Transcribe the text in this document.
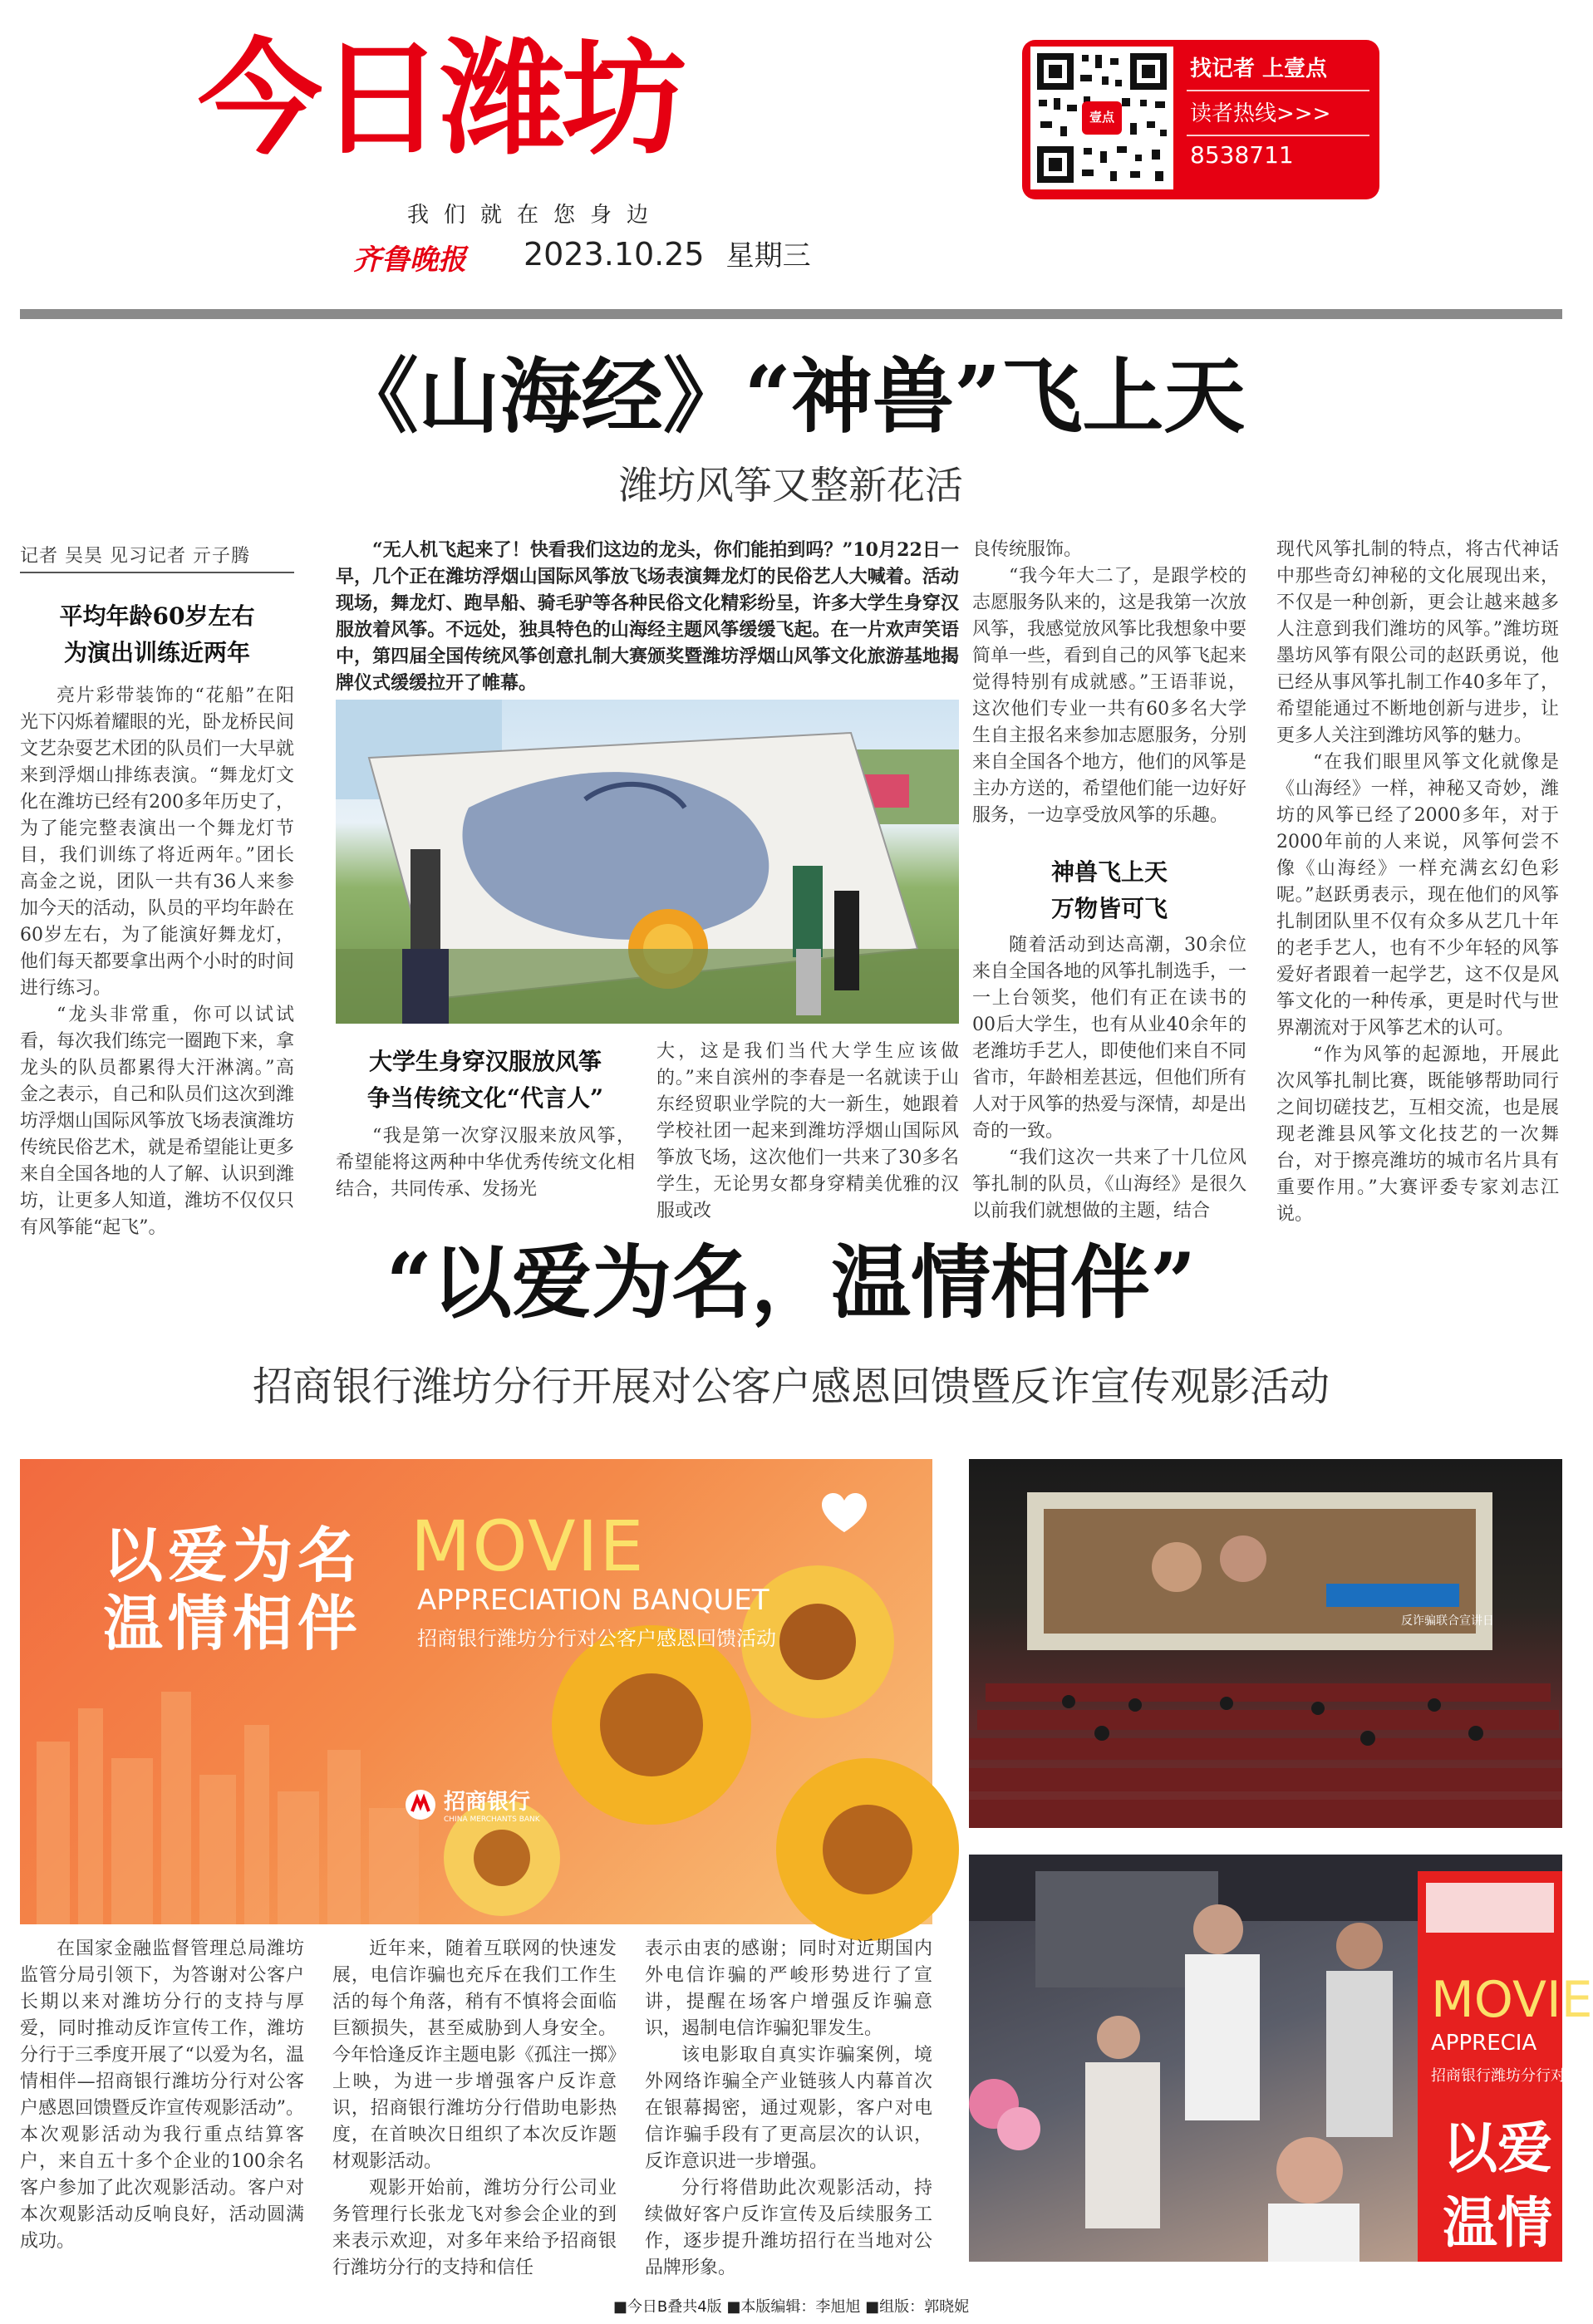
今日潍坊
我们就在您身边
齐鲁晚报 2023.10.25 星期三
壹点
找记者 上壹点
读者热线>>>
8538711
《山海经》“神兽”飞上天
潍坊风筝又整新花活
记者 吴昊 见习记者 亓子腾
平均年龄60岁左右
为演出训练近两年

亮片彩带装饰的“花船”在阳光下闪烁着耀眼的光，卧龙桥民间文艺杂耍艺术团的队员们一大早就来到浮烟山排练表演。“舞龙灯文化在潍坊已经有200多年历史了，为了能完整表演出一个舞龙灯节目，我们训练了将近两年。”团长高金之说，团队一共有36人来参加今天的活动，队员的平均年龄在60岁左右，为了能演好舞龙灯，他们每天都要拿出两个小时的时间进行练习。

“龙头非常重，你可以试试看，每次我们练完一圈跑下来，拿龙头的队员都累得大汗淋漓。”高金之表示，自己和队员们这次到潍坊浮烟山国际风筝放飞场表演潍坊传统民俗艺术，就是希望能让更多来自全国各地的人了解、认识到潍坊，让更多人知道，潍坊不仅仅只有风筝能“起飞”。

“无人机飞起来了！快看我们这边的龙头，你们能拍到吗？”10月22日一早，几个正在潍坊浮烟山国际风筝放飞场表演舞龙灯的民俗艺人大喊着。活动现场，舞龙灯、跑旱船、骑毛驴等各种民俗文化精彩纷呈，许多大学生身穿汉服放着风筝。不远处，独具特色的山海经主题风筝缓缓飞起。在一片欢声笑语中，第四届全国传统风筝创意扎制大赛颁奖暨潍坊浮烟山风筝文化旅游基地揭牌仪式缓缓拉开了帷幕。

大学生身穿汉服放风筝
争当传统文化“代言人”

“我是第一次穿汉服来放风筝，希望能将这两种中华优秀传统文化相结合，共同传承、发扬光

大，这是我们当代大学生应该做的。”来自滨州的李春是一名就读于山东经贸职业学院的大一新生，她跟着学校社团一起来到潍坊浮烟山国际风筝放飞场，这次他们一共来了30多名学生，无论男女都身穿精美优雅的汉服或改

良传统服饰。

“我今年大二了，是跟学校的志愿服务队来的，这是我第一次放风筝，我感觉放风筝比我想象中要简单一些，看到自己的风筝飞起来觉得特别有成就感。”王语菲说，这次他们专业一共有60多名大学生自主报名来参加志愿服务，分别来自全国各个地方，他们的风筝是主办方送的，希望他们能一边好好服务，一边享受放风筝的乐趣。

神兽飞上天
万物皆可飞

随着活动到达高潮，30余位来自全国各地的风筝扎制选手，一一上台领奖，他们有正在读书的00后大学生，也有从业40余年的老潍坊手艺人，即使他们来自不同省市，年龄相差甚远，但他们所有人对于风筝的热爱与深情，却是出奇的一致。

“我们这次一共来了十几位风筝扎制的队员，《山海经》是很久以前我们就想做的主题，结合

现代风筝扎制的特点，将古代神话中那些奇幻神秘的文化展现出来，不仅是一种创新，更会让越来越多人注意到我们潍坊的风筝。”潍坊斑墨坊风筝有限公司的赵跃勇说，他已经从事风筝扎制工作40多年了，希望能通过不断地创新与进步，让更多人关注到潍坊风筝的魅力。

“在我们眼里风筝文化就像是《山海经》一样，神秘又奇妙，潍坊的风筝已经了2000多年，对于2000年前的人来说，风筝何尝不像《山海经》一样充满玄幻色彩呢。”赵跃勇表示，现在他们的风筝扎制团队里不仅有众多从艺几十年的老手艺人，也有不少年轻的风筝爱好者跟着一起学艺，这不仅是风筝文化的一种传承，更是时代与世界潮流对于风筝艺术的认可。

“作为风筝的起源地，开展此次风筝扎制比赛，既能够帮助同行之间切磋技艺，互相交流，也是展现老潍县风筝文化技艺的一次舞台，对于擦亮潍坊的城市名片具有重要作用。”大赛评委专家刘志江说。

“以爱为名，温情相伴”
招商银行潍坊分行开展对公客户感恩回馈暨反诈宣传观影活动
以爱为名
温情相伴
MOVIE
APPRECIATION BANQUET
招商银行潍坊分行对公客户感恩回馈活动
招商银行
CHINA MERCHANTS BANK
反诈骗联合宣讲日
MOVIE
APPRECIA
招商银行潍坊分行对
以爱
温情

在国家金融监督管理总局潍坊监管分局引领下，为答谢对公客户长期以来对潍坊分行的支持与厚爱，同时推动反诈宣传工作，潍坊分行于三季度开展了“以爱为名，温情相伴—招商银行潍坊分行对公客户感恩回馈暨反诈宣传观影活动”。本次观影活动为我行重点结算客户，来自五十多个企业的100余名客户参加了此次观影活动。客户对本次观影活动反响良好，活动圆满成功。

近年来，随着互联网的快速发展，电信诈骗也充斥在我们工作生活的每个角落，稍有不慎将会面临巨额损失，甚至威胁到人身安全。今年恰逢反诈主题电影《孤注一掷》上映，为进一步增强客户反诈意识，招商银行潍坊分行借助电影热度，在首映次日组织了本次反诈题材观影活动。

观影开始前，潍坊分行公司业务管理行长张龙飞对参会企业的到来表示欢迎，对多年来给予招商银行潍坊分行的支持和信任

表示由衷的感谢；同时对近期国内外电信诈骗的严峻形势进行了宣讲，提醒在场客户增强反诈骗意识，遏制电信诈骗犯罪发生。

该电影取自真实诈骗案例，境外网络诈骗全产业链骇人内幕首次在银幕揭密，通过观影，客户对电信诈骗手段有了更高层次的认识，反诈意识进一步增强。

分行将借助此次观影活动，持续做好客户反诈宣传及后续服务工作，逐步提升潍坊招行在当地对公品牌形象。

■今日B叠共4版 ■本版编辑：李旭旭 ■组版：郭晓妮
